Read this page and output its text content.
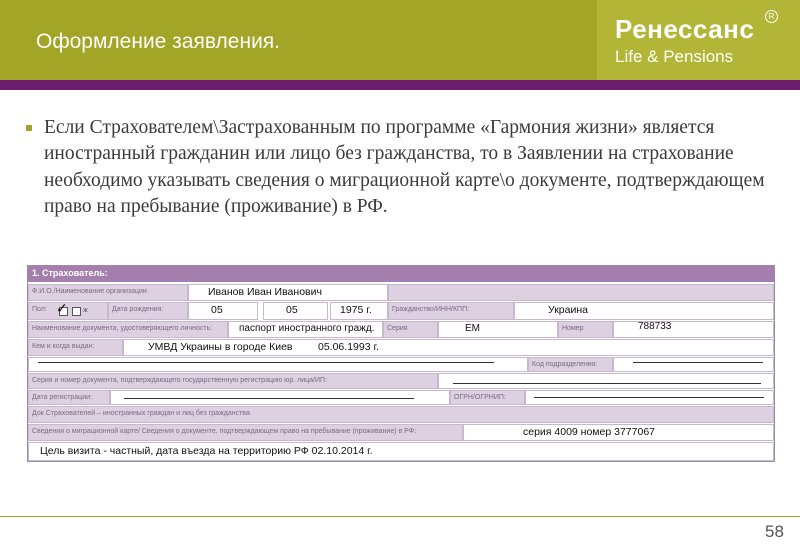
Оформление заявления.	Ренессанс	R
Life & Pensions
Если Страхователем\Застрахованным по программе «Гармония жизни» является иностранный гражданин или лицо без гражданства, то в Заявлении на страхование необходимо указывать сведения о миграционной карте\о документе, подтверждающем право на пребывание (проживание) в РФ.
1. Страхователь:
Ф.И.О./Наименование организации	Иванов Иван Иванович
Пол: ✓ ж	Дата рождения:	05	05	1975 г.	Гражданство/ИНН/КПП:	Украина
Наименование документа, удостоверяющего личность:	паспорт иностранного гражд.	Серия	ЕМ	Номер	788733
Кем и когда выдан:	УМВД Украины в городе Киев 05.06.1993 г.
Код подразделения:
Серия и номер документа, подтверждающего государственную регистрацию юр. лица/ИП:
Дата регистрации:	ОГРН/ОГРНИП:
Док Страхователей – иностранных граждан и лиц без гражданства
Сведения о миграционной карте/ Сведения о документе, подтверждающем право на пребывание (проживание) в РФ:	серия 4009 номер 3777067
Цель визита - частный, дата въезда на территорию РФ 02.10.2014 г.
58
